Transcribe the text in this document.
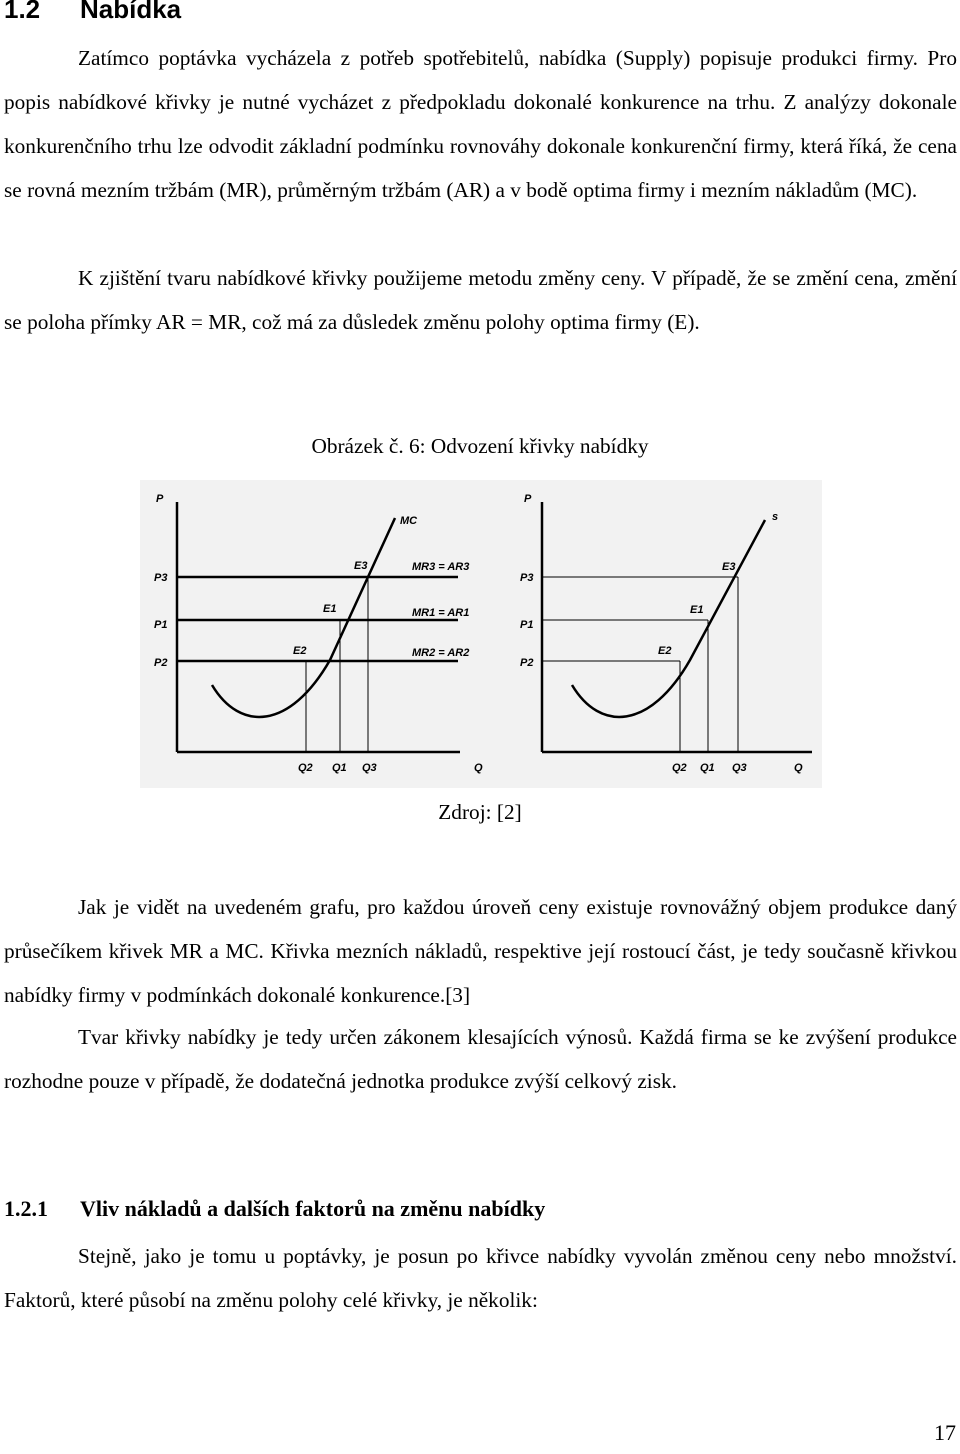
1.2 Nabídka

Zatímco poptávka vycházela z potřeb spotřebitelů, nabídka (Supply) popisuje produkci firmy. Pro popis nabídkové křivky je nutné vycházet z předpokladu dokonalé konkurence na trhu. Z analýzy dokonale konkurenčního trhu lze odvodit základní podmínku rovnováhy dokonale konkurenční firmy, která říká, že cena se rovná mezním tržbám (MR), průměrným tržbám (AR) a v bodě optima firmy i mezním nákladům (MC).

K zjištění tvaru nabídkové křivky použijeme metodu změny ceny. V případě, že se změní cena, změní se poloha přímky AR = MR, což má za důsledek změnu polohy optima firmy (E).

Obrázek č. 6: Odvození křivky nabídky
P
MC
P3
P1
P2
MR3 = AR3
MR1 = AR1
MR2 = AR2
E3
E1
E2
Q2 Q1 Q3	Q
P
s
P3
P1
P2
E3
E1
E2
Q2 Q1 Q3	Q
Zdroj: [2]

Jak je vidět na uvedeném grafu, pro každou úroveň ceny existuje rovnovážný objem produkce daný průsečíkem křivek MR a MC. Křivka mezních nákladů, respektive její rostoucí část, je tedy současně křivkou nabídky firmy v podmínkách dokonalé konkurence.[3]

Tvar křivky nabídky je tedy určen zákonem klesajících výnosů. Každá firma se ke zvýšení produkce rozhodne pouze v případě, že dodatečná jednotka produkce zvýší celkový zisk.

1.2.1 Vliv nákladů a dalších faktorů na změnu nabídky

Stejně, jako je tomu u poptávky, je posun po křivce nabídky vyvolán změnou ceny nebo množství. Faktorů, které působí na změnu polohy celé křivky, je několik:

17
